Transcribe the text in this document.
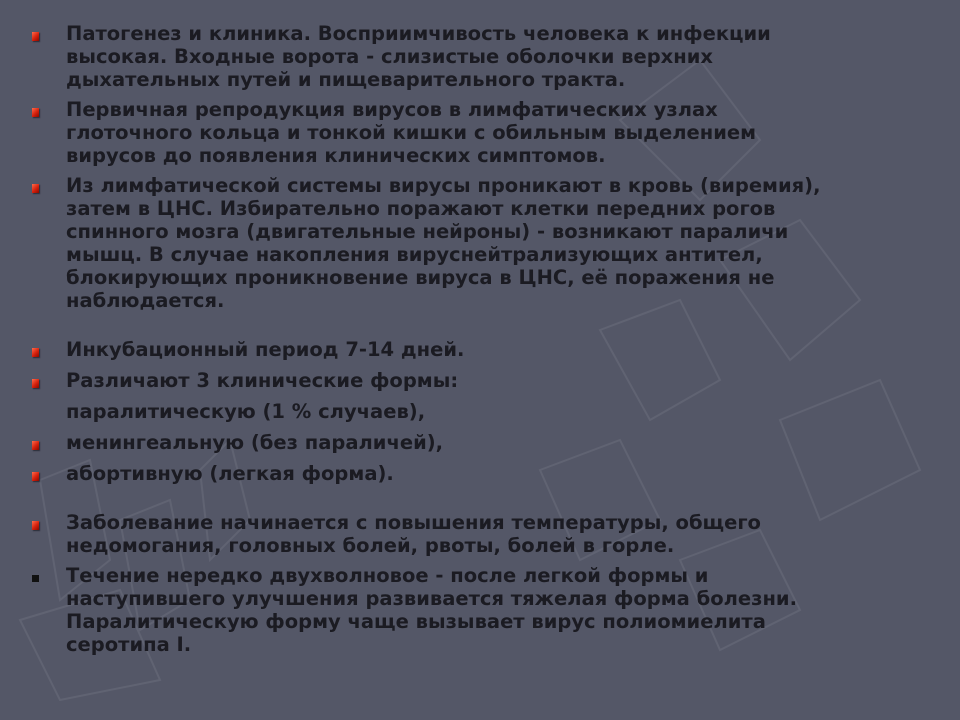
Патогенез и клиника. Восприимчивость человека к инфекции
высокая. Входные ворота - слизистые оболочки верхних
дыхательных путей и пищеварительного тракта.

Первичная репродукция вирусов в лимфатических узлах
глоточного кольца и тонкой кишки с обильным выделением
вирусов до появления клинических симптомов.

Из лимфатической системы вирусы проникают в кровь (виремия),
затем в ЦНС. Избирательно поражают клетки передних рогов
спинного мозга (двигательные нейроны) - возникают параличи
мышц. В случае накопления вируснейтрализующих антител,
блокирующих проникновение вируса в ЦНС, её поражения не
наблюдается.

Инкубационный период 7-14 дней.

Различают 3 клинические формы:

паралитическую (1 % случаев),

менингеальную (без параличей),

абортивную (легкая форма).

Заболевание начинается с повышения температуры, общего
недомогания, головных болей, рвоты, болей в горле.

Течение нередко двухволновое - после легкой формы и
наступившего улучшения развивается тяжелая форма болезни.
Паралитическую форму чаще вызывает вирус полиомиелита
серотипа I.
